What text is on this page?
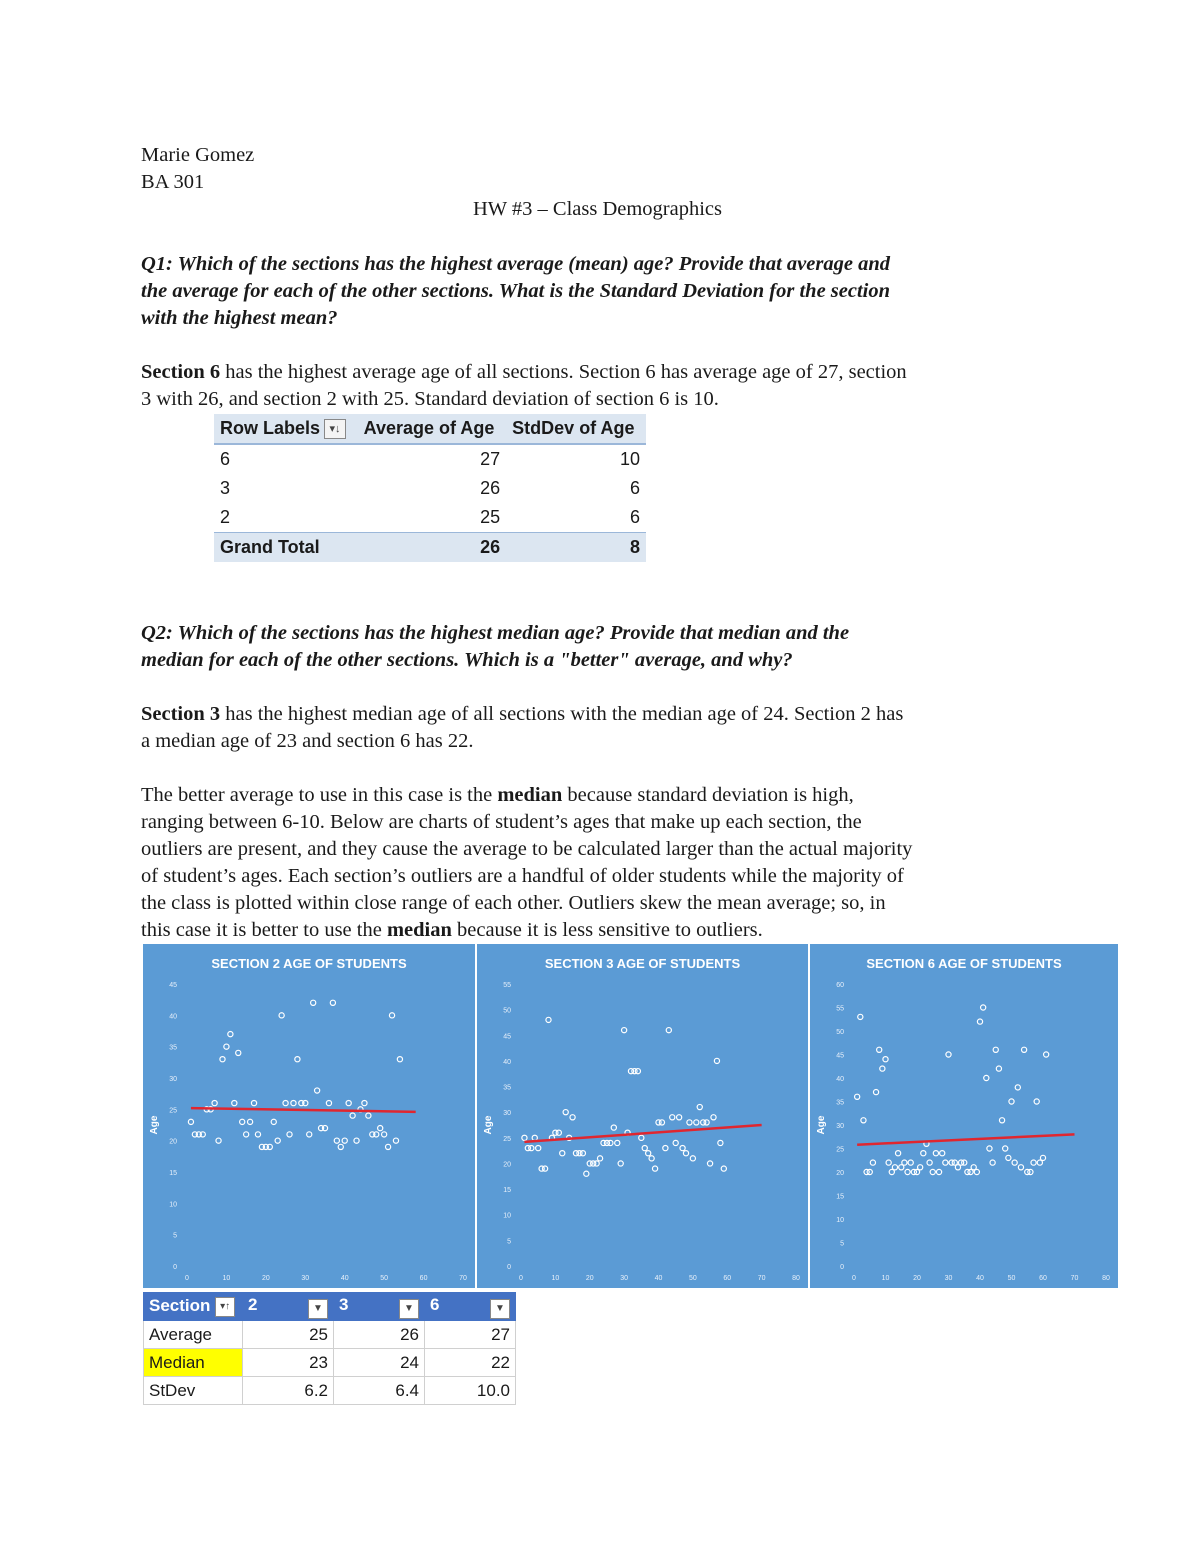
Marie Gomez
BA 301
HW #3 – Class Demographics
Q1: Which of the sections has the highest average (mean) age? Provide that average and
the average for each of the other sections. What is the Standard Deviation for the section
with the highest mean?
Section 6 has the highest average age of all sections. Section 6 has average age of 27, section
3 with 26, and section 2 with 25. Standard deviation of section 6 is 10.
Row Labels ▾↓	Average of Age	StdDev of Age
6	27	10
3	26	6
2	25	6
Grand Total	26	8
Q2: Which of the sections has the highest median age? Provide that median and the
median for each of the other sections. Which is a "better" average, and why?
Section 3 has the highest median age of all sections with the median age of 24. Section 2 has
a median age of 23 and section 6 has 22.
The better average to use in this case is the median because standard deviation is high,
ranging between 6-10. Below are charts of student’s ages that make up each section, the
outliers are present, and they cause the average to be calculated larger than the actual majority
of student’s ages. Each section’s outliers are a handful of older students while the majority of
the class is plotted within close range of each other. Outliers skew the mean average; so, in
this case it is better to use the median because it is less sensitive to outliers.
SECTION 2 AGE OF STUDENTS
0
5
10
15
20
25
30
35
40
45
0	10	20	30	40	50	60	70
Age
SECTION 3 AGE OF STUDENTS
0
5
10
15
20
25
30
35
40
45
50
55
0	10	20	30	40	50	60	70	80
Age
SECTION 6 AGE OF STUDENTS
0
5
10
15
20
25
30
35
40
45
50
55
60
0	10	20	30	40	50	60	70	80
Age
Section ▾↑	2 ▼	3 ▼	6 ▼

Average	25	26	27
Median	23	24	22
StDev	6.2	6.4	10.0
